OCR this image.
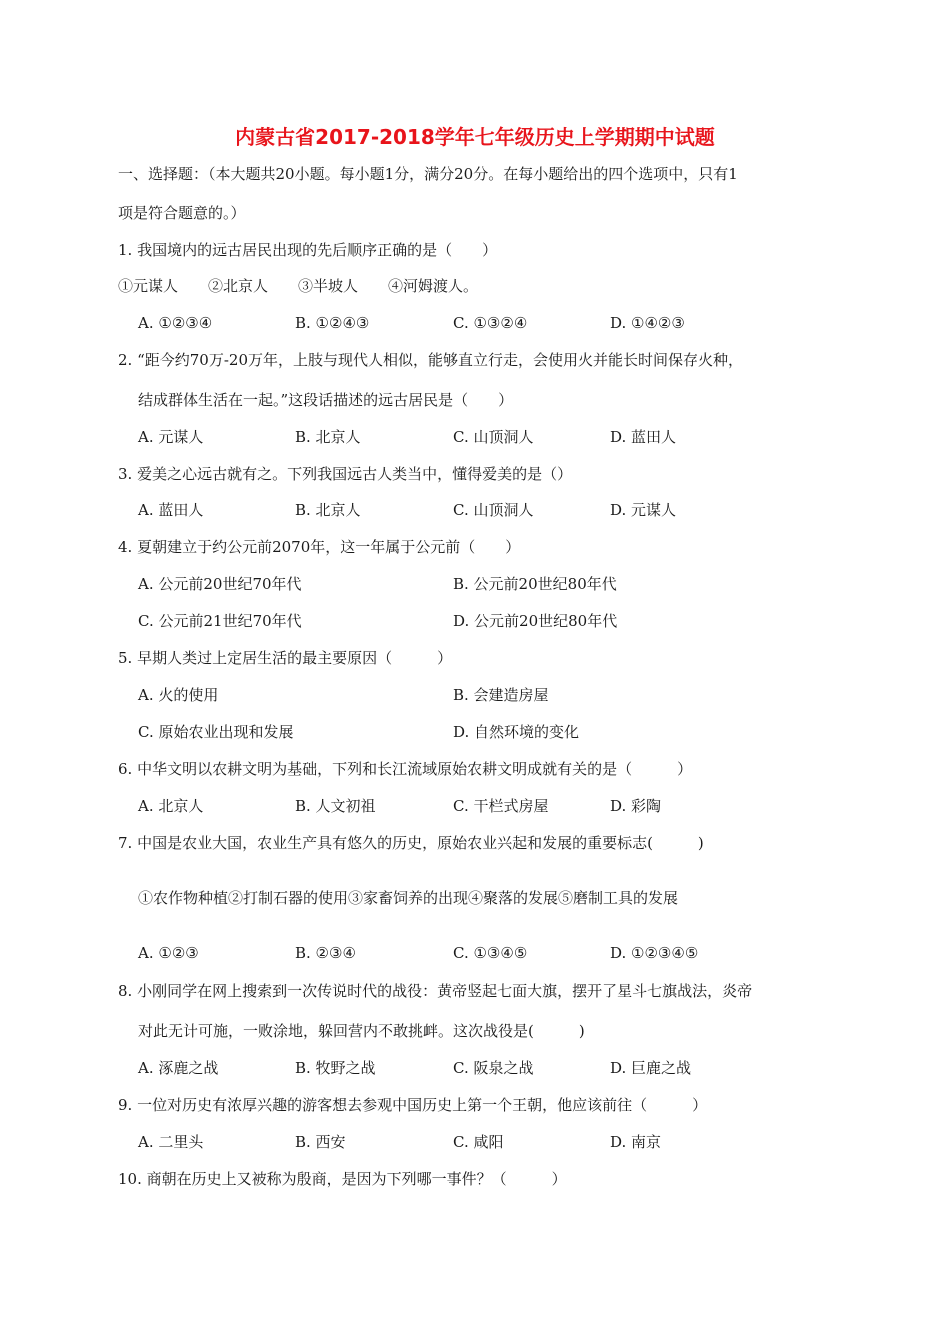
内蒙古省2017-2018学年七年级历史上学期期中试题
一、选择题：（本大题共20小题。每小题1分，满分20分。在每小题给出的四个选项中，只有1
项是符合题意的。）
1. 我国境内的远古居民出现的先后顺序正确的是（　　）
①元谋人　　②北京人　　③半坡人　　④河姆渡人。
A. ①②③④	B. ①②④③	C. ①③②④	D. ①④②③
2. “距今约70万-20万年，上肢与现代人相似，能够直立行走，会使用火并能长时间保存火种，
结成群体生活在一起。”这段话描述的远古居民是（　　）
A. 元谋人	B. 北京人	C. 山顶洞人	D. 蓝田人
3. 爱美之心远古就有之。下列我国远古人类当中，懂得爱美的是（）
A. 蓝田人	B. 北京人	C. 山顶洞人	D. 元谋人
4. 夏朝建立于约公元前2070年，这一年属于公元前（　　）
A. 公元前20世纪70年代	B. 公元前20世纪80年代
C. 公元前21世纪70年代	D. 公元前20世纪80年代
5. 早期人类过上定居生活的最主要原因（　　　）
A. 火的使用	B. 会建造房屋
C. 原始农业出现和发展	D. 自然环境的变化
6. 中华文明以农耕文明为基础，下列和长江流域原始农耕文明成就有关的是（　　　）
A. 北京人	B. 人文初祖	C. 干栏式房屋	D. 彩陶
7. 中国是农业大国，农业生产具有悠久的历史，原始农业兴起和发展的重要标志(　　　)
①农作物种植②打制石器的使用③家畜饲养的出现④聚落的发展⑤磨制工具的发展
A. ①②③	B. ②③④	C. ①③④⑤	D. ①②③④⑤
8. 小刚同学在网上搜索到一次传说时代的战役：黄帝竖起七面大旗，摆开了星斗七旗战法，炎帝
对此无计可施，一败涂地，躲回营内不敢挑衅。这次战役是(　　　)
A. 涿鹿之战	B. 牧野之战	C. 阪泉之战	D. 巨鹿之战
9. 一位对历史有浓厚兴趣的游客想去参观中国历史上第一个王朝，他应该前往（　　　）
A. 二里头	B. 西安	C. 咸阳	D. 南京
10. 商朝在历史上又被称为殷商，是因为下列哪一事件？（　　　）
